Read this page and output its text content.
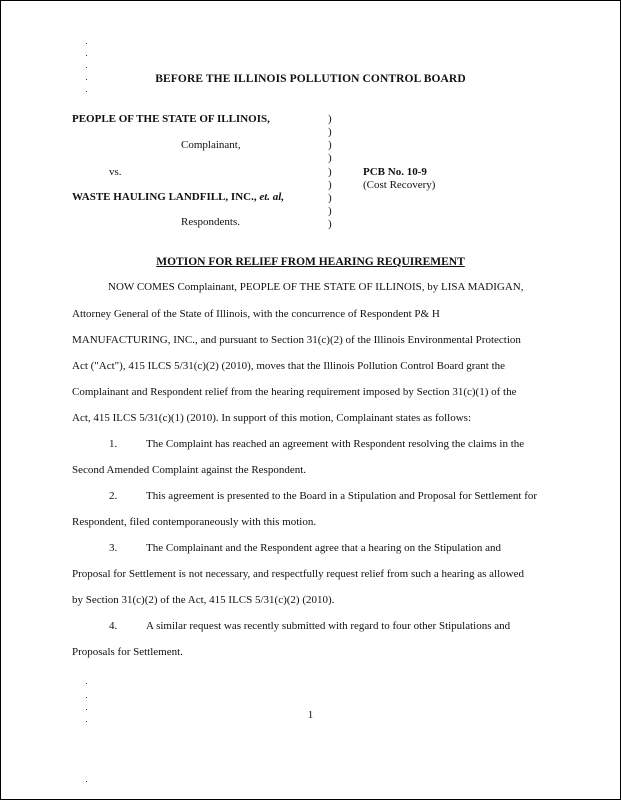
BEFORE THE ILLINOIS POLLUTION CONTROL BOARD
PEOPLE OF THE STATE OF ILLINOIS,
Complainant,
vs.
WASTE HAULING LANDFILL, INC., et. al,
Respondents.
)
)
)
)
)
)
)
)
)
PCB No. 10-9
(Cost Recovery)
MOTION FOR RELIEF FROM HEARING REQUIREMENT
NOW COMES Complainant, PEOPLE OF THE STATE OF ILLINOIS, by LISA MADIGAN,
Attorney General of the State of Illinois, with the concurrence of Respondent P& H
MANUFACTURING, INC., and pursuant to Section 31(c)(2) of the Illinois Environmental Protection
Act ("Act"), 415 ILCS 5/31(c)(2) (2010), moves that the Illinois Pollution Control Board grant the
Complainant and Respondent relief from the hearing requirement imposed by Section 31(c)(1) of the
Act, 415 ILCS 5/31(c)(1) (2010). In support of this motion, Complainant states as follows:
1.	The Complaint has reached an agreement with Respondent resolving the claims in the
Second Amended Complaint against the Respondent.
2.	This agreement is presented to the Board in a Stipulation and Proposal for Settlement for
Respondent, filed contemporaneously with this motion.
3.	The Complainant and the Respondent agree that a hearing on the Stipulation and
Proposal for Settlement is not necessary, and respectfully request relief from such a hearing as allowed
by Section 31(c)(2) of the Act, 415 ILCS 5/31(c)(2) (2010).
4.	A similar request was recently submitted with regard to four other Stipulations and
Proposals for Settlement.
1
